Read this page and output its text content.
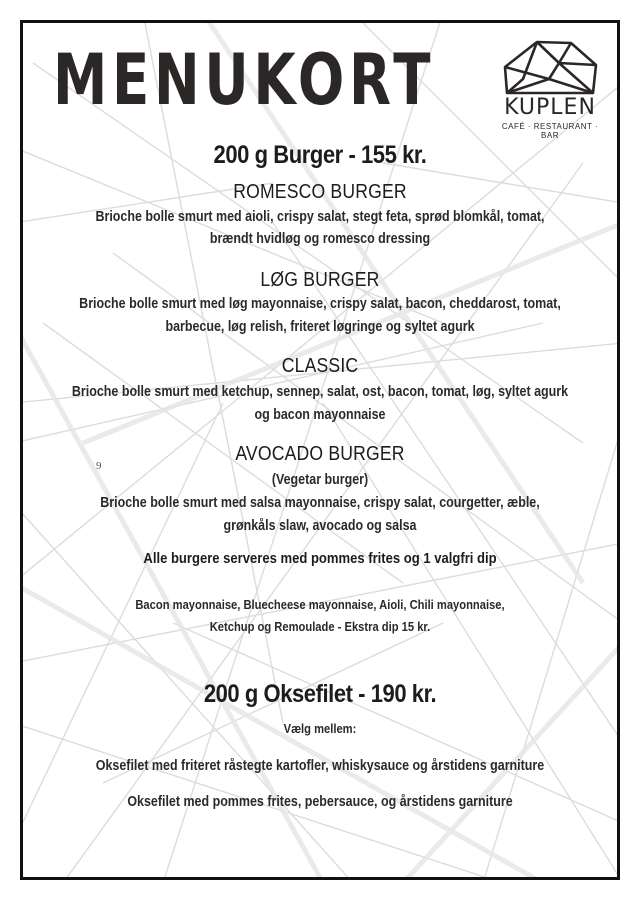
MENUKORT	KUPLEN
CAFÉ · RESTAURANT · BAR
200 g Burger - 155 kr.
ROMESCO BURGER
Brioche bolle smurt med aioli, crispy salat, stegt feta, sprød blomkål, tomat,
brændt hvidløg og romesco dressing
LØG BURGER
Brioche bolle smurt med løg mayonnaise, crispy salat, bacon, cheddarost, tomat,
barbecue, løg relish, friteret løgringe og syltet agurk
CLASSIC
Brioche bolle smurt med ketchup, sennep, salat, ost, bacon, tomat, løg, syltet agurk
og bacon mayonnaise
AVOCADO BURGER
9
(Vegetar burger)
Brioche bolle smurt med salsa mayonnaise, crispy salat, courgetter, æble,
grønkåls slaw, avocado og salsa
Alle burgere serveres med pommes frites og 1 valgfri dip
Bacon mayonnaise, Bluecheese mayonnaise, Aioli, Chili mayonnaise,
Ketchup og Remoulade - Ekstra dip 15 kr.
200 g Oksefilet - 190 kr.
Vælg mellem:
Oksefilet med friteret råstegte kartofler, whiskysauce og årstidens garniture
Oksefilet med pommes frites, pebersauce, og årstidens garniture
